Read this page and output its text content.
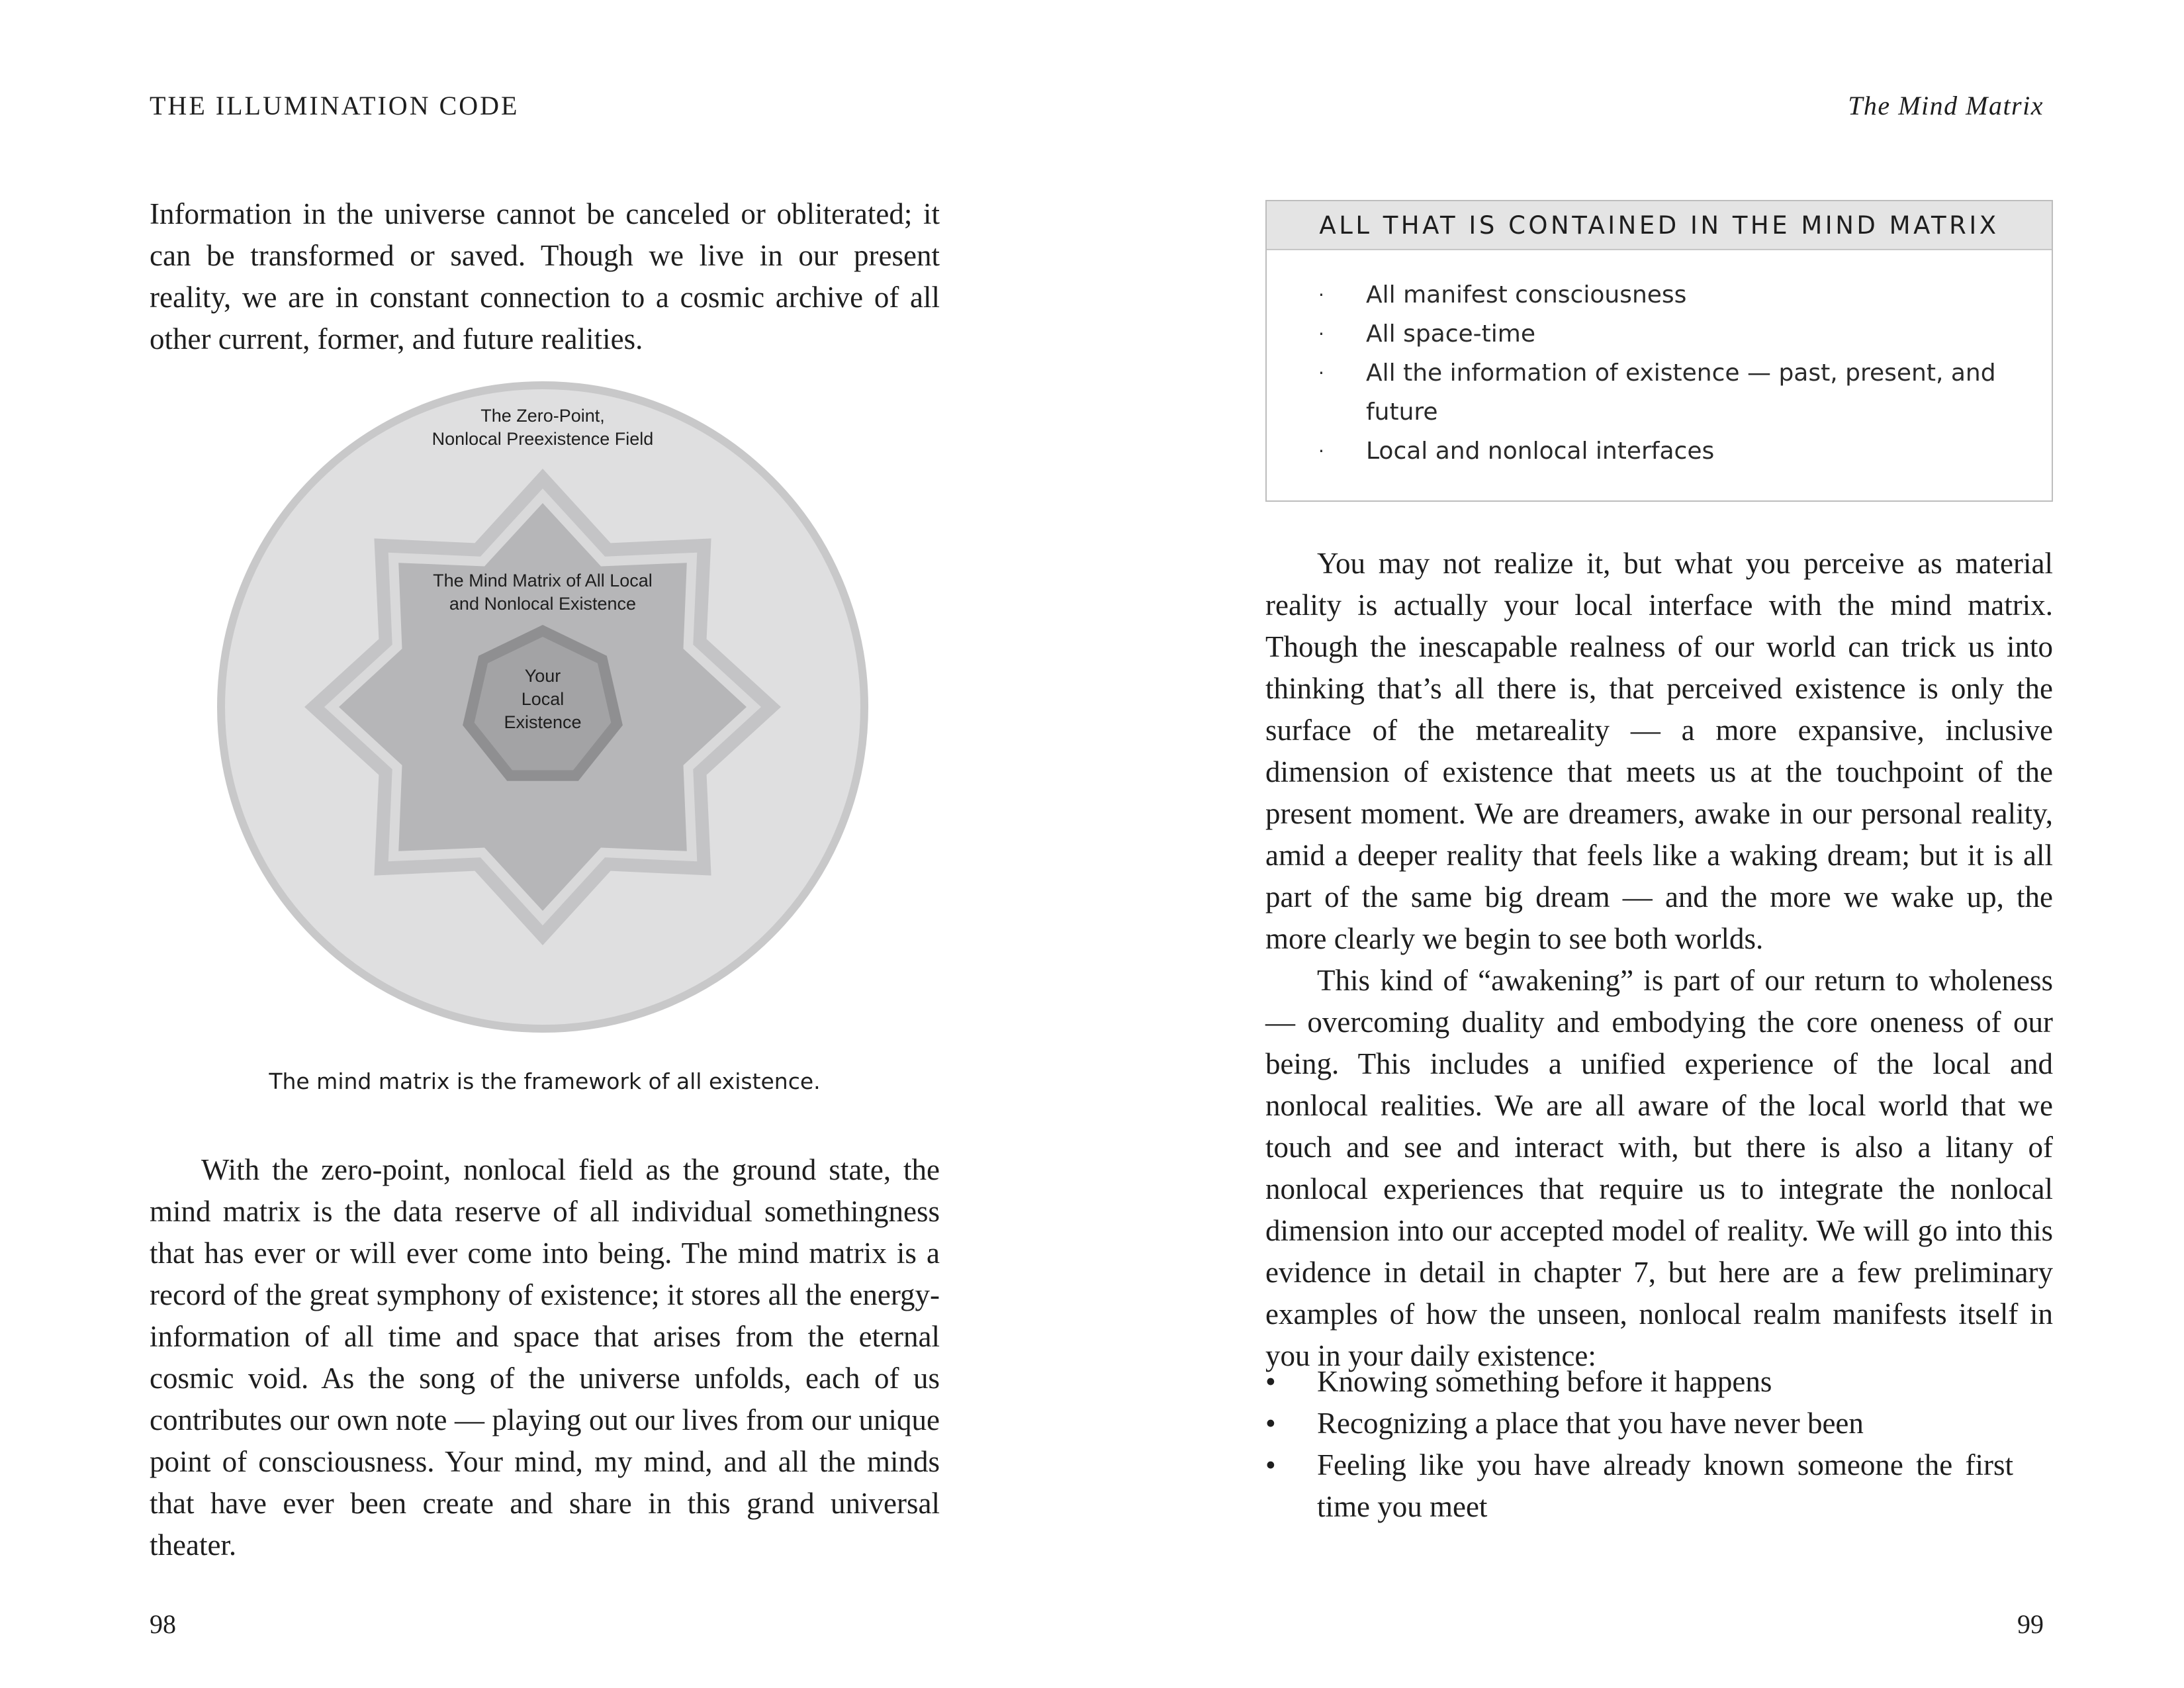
THE ILLUMINATION CODE

Information in the universe cannot be canceled or obliterated; it can be transformed or saved. Though we live in our present reality, we are in constant connection to a cosmic archive of all other current, former, and future realities.

The Zero-Point,
Nonlocal Preexistence Field
The Mind Matrix of All Local
and Nonlocal Existence
Your
Local
Existence

The mind matrix is the framework of all existence.

With the zero-point, nonlocal field as the ground state, the mind matrix is the data reserve of all individual somethingness that has ever or will ever come into being. The mind matrix is a record of the great symphony of existence; it stores all the energy-information of all time and space that arises from the eternal cosmic void. As the song of the universe unfolds, each of us contributes our own note — playing out our lives from our unique point of consciousness. Your mind, my mind, and all the minds that have ever been create and share in this grand universal theater.

98
The Mind Matrix
ALL THAT IS CONTAINED IN THE MIND MATRIX
· All manifest consciousness
· All space-time
· All the information of existence — past, present, and future
· Local and nonlocal interfaces

You may not realize it, but what you perceive as material reality is actually your local interface with the mind matrix. Though the inescapable realness of our world can trick us into thinking that’s all there is, that perceived existence is only the surface of the metareality — a more expansive, inclusive dimension of existence that meets us at the touchpoint of the present moment. We are dreamers, awake in our personal reality, amid a deeper reality that feels like a waking dream; but it is all part of the same big dream — and the more we wake up, the more clearly we begin to see both worlds.

This kind of “awakening” is part of our return to wholeness — overcoming duality and embodying the core oneness of our being. This includes a unified experience of the local and nonlocal realities. We are all aware of the local world that we touch and see and interact with, but there is also a litany of nonlocal experiences that require us to integrate the nonlocal dimension into our accepted model of reality. We will go into this evidence in detail in chapter 7, but here are a few preliminary examples of how the unseen, nonlocal realm manifests itself in you in your daily existence:

• Knowing something before it happens
• Recognizing a place that you have never been
• Feeling like you have already known someone the first time you meet
99
